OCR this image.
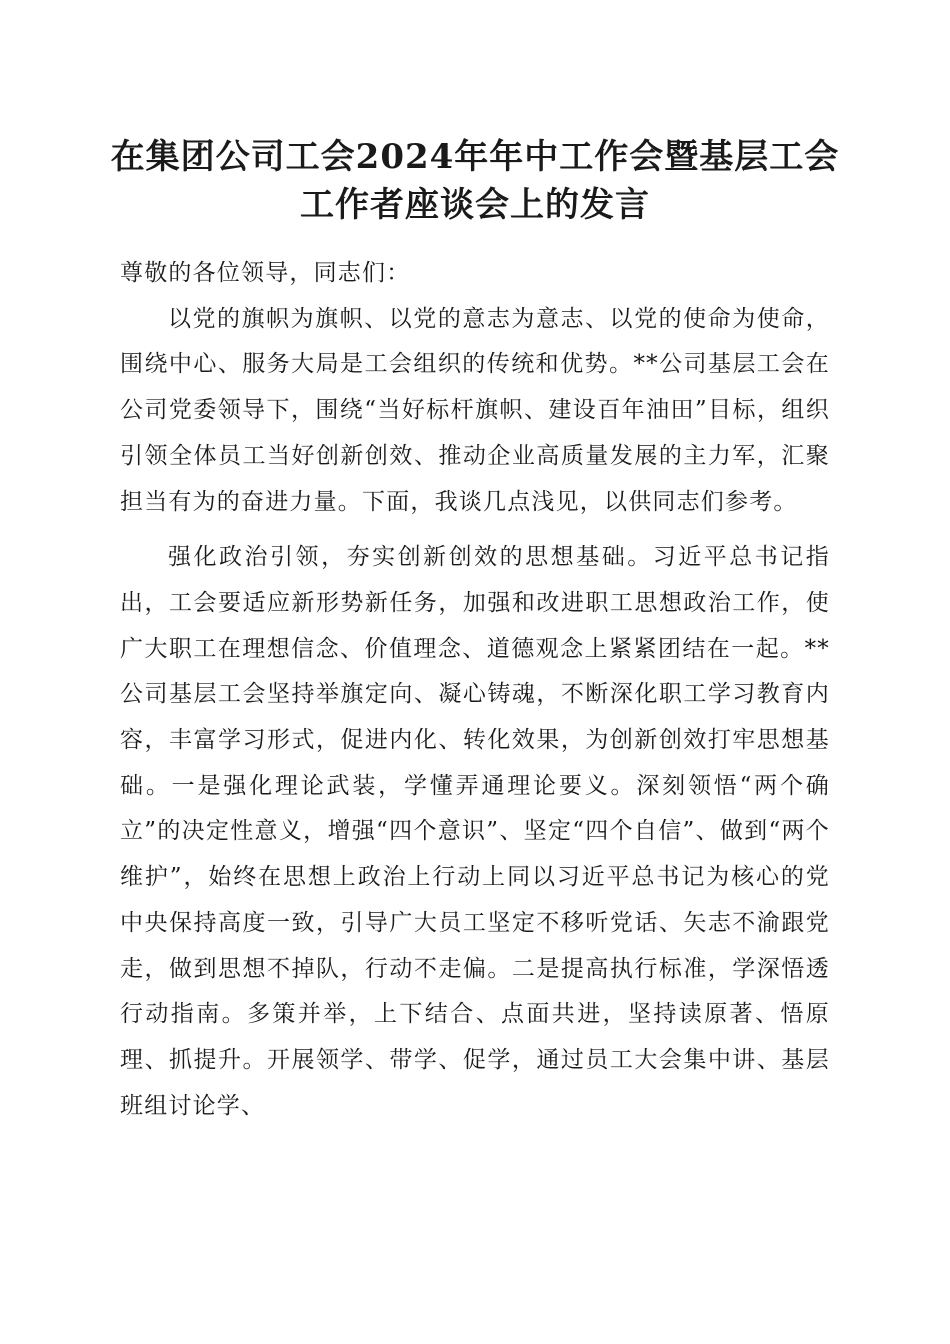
在集团公司工会2024年年中工作会暨基层工会工作者座谈会上的发言

尊敬的各位领导，同志们：

以党的旗帜为旗帜、以党的意志为意志、以党的使命为使命，围绕中心、服务大局是工会组织的传统和优势。**公司基层工会在公司党委领导下，围绕“当好标杆旗帜、建设百年油田”目标，组织引领全体员工当好创新创效、推动企业高质量发展的主力军，汇聚担当有为的奋进力量。下面，我谈几点浅见，以供同志们参考。

强化政治引领，夯实创新创效的思想基础。习近平总书记指出，工会要适应新形势新任务，加强和改进职工思想政治工作，使广大职工在理想信念、价值理念、道德观念上紧紧团结在一起。**公司基层工会坚持举旗定向、凝心铸魂，不断深化职工学习教育内容，丰富学习形式，促进内化、转化效果，为创新创效打牢思想基础。一是强化理论武装，学懂弄通理论要义。深刻领悟“两个确立”的决定性意义，增强“四个意识”、坚定“四个自信”、做到“两个维护”，始终在思想上政治上行动上同以习近平总书记为核心的党中央保持高度一致，引导广大员工坚定不移听党话、矢志不渝跟党走，做到思想不掉队，行动不走偏。二是提高执行标准，学深悟透行动指南。多策并举，上下结合、点面共进，坚持读原著、悟原理、抓提升。开展领学、带学、促学，通过员工大会集中讲、基层班组讨论学、
